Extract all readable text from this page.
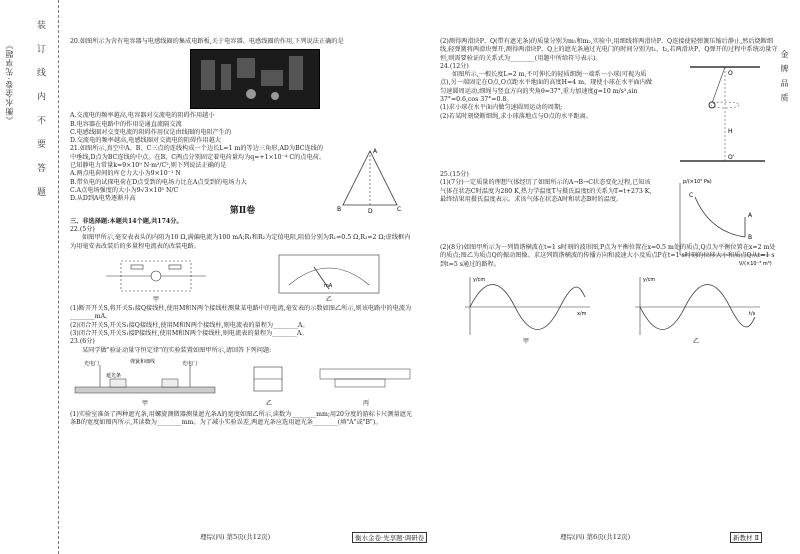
《衡水金卷·先享题》 装 订 线 内 不 要 答 题	20.如图所示为含有电容器与电感线圈的集成电路板,关于电容器、电感线圈的作用,下列说法正确的是

A.交流电的频率越高,电容器对交流电的阻碍作用越小

B.电容器在电路中的作用是通直流隔交流

C.电感线圈对交变电流的阻碍作用仅是由线圈的电阻产生的

D.交流电的频率越高,电感线圈对交流电的阻碍作用越大

21.如图所示,真空中A、B、C三点的连线构成一个边长L=1 m的等边三角形,AD为BC连线的中垂线,D点为BC连线的中点。在B、C两点分别固定着电荷量均为q=+1×10⁻⁴ C的点电荷。已知静电力常量k=9×10⁹ N·m²/C²,则下列说法正确的是

A.两点电荷间的库仑力大小为9×10⁻¹ N

B.带负电的试探电荷在D点受到的电场力比在A点受到的电场力大

C.A点电场强度的大小为9√3×10⁵ N/C

D.从D到A电势逐渐升高

A
B	D	C
第Ⅱ卷

三、非选择题:本题共14个题,共174分。

22.(5分)

如图甲所示,毫安表表头的内阻为10 Ω,满偏电流为100 mA;R₁和R₂为定值电阻,阻值分别为R₁=0.5 Ω,R₂=2 Ω;虚线框内为用毫安表改装后的多量程电流表的改装电路。

甲
mA
乙

(1)断开开关S,将开关S₁接Q接线柱,使用M和N两个接线柱测量某电路中的电流,毫安表的示数如图乙所示,则该电路中的电流为________mA。

(2)闭合开关S,开关S₁接Q接线柱,使用M和N两个接线柱,则电流表的量程为________A。

(3)闭合开关S,开关S₁接P接线柱,使用M和N两个接线柱,则电流表的量程为________A。

23.(6分)

某同学做"验证动量守恒定律"的实验装置如图甲所示,请回答下列问题:

光电门
遮光条
光电门
弹簧和细线
甲	乙	丙

(1)实验室准备了两种遮光条,用螺旋测微器测量遮光条A的宽度如图乙所示,读数为________mm;用20分度的游标卡尺测量遮光条B的宽度如图丙所示,其读数为________mm。为了减小实验误差,两遮光条应选用遮光条________(填"A"或"B")。

(2)测得两滑块P、Q(带有遮光条)的质量分别为m₁和m₂,实验中,用细线将两滑块P、Q连接使轻弹簧压缩后静止,然后烧断细线,轻弹簧将两滑块弹开,测得两滑块P、Q上的遮光条通过光电门的时间分别为t₁、t₂,若两滑块P、Q弹开的过程中系统动量守恒,则需要验证的关系式为________(用题中所给符号表示)。

24.(12分)

如图所示,一根长度L=2 m,不可伸长的轻质细绳一端系一小球(可视为质点),另一端固定在O点,O点距水平地面的高度H=4 m。现使小球在水平面内做匀速圆周运动,细绳与竖直方向的夹角θ=37°,重力加速度g=10 m/s²,sin 37°=0.6,cos 37°=0.8。

(1)求小球在水平面内做匀速圆周运动的周期;

(2)若某时刻烧断细绳,求小球落地点与O点的水平距离。

O
H
O'

25.(15分)

(1)(7分)一定质量的理想气体经历了如图所示的A→B→C状态变化过程,已知该气体在状态C时温度为280 K,热力学温度T与摄氏温度t的关系为T=t+273 K,最终结果用摄氏温度表示。求该气体在状态A时和状态B时的温度。

p/(×10⁵ Pa)
V/(×10⁻³ m³)
C
A
B

(2)(8分)如图甲所示为一列简谐横波在t=1 s时刻的波形图,P点为平衡位置在x=0.5 m处的质点,Q点为平衡位置在x=2 m处的质点;图乙为质点Q的振动图像。求这列简谐横波的传播方向和波速大小及质点P在t=1 s时刻的位移大小和质点Q从t=1 s到t=5 s通过的路程。

y/cm
x/m
甲
y/cm
t/s
乙
金 牌 品 质
理综(四) 第5页(共12页)	衡水金卷·先享题·调研卷	理综(四) 第6页(共12页)	新教材 Ⅱ
